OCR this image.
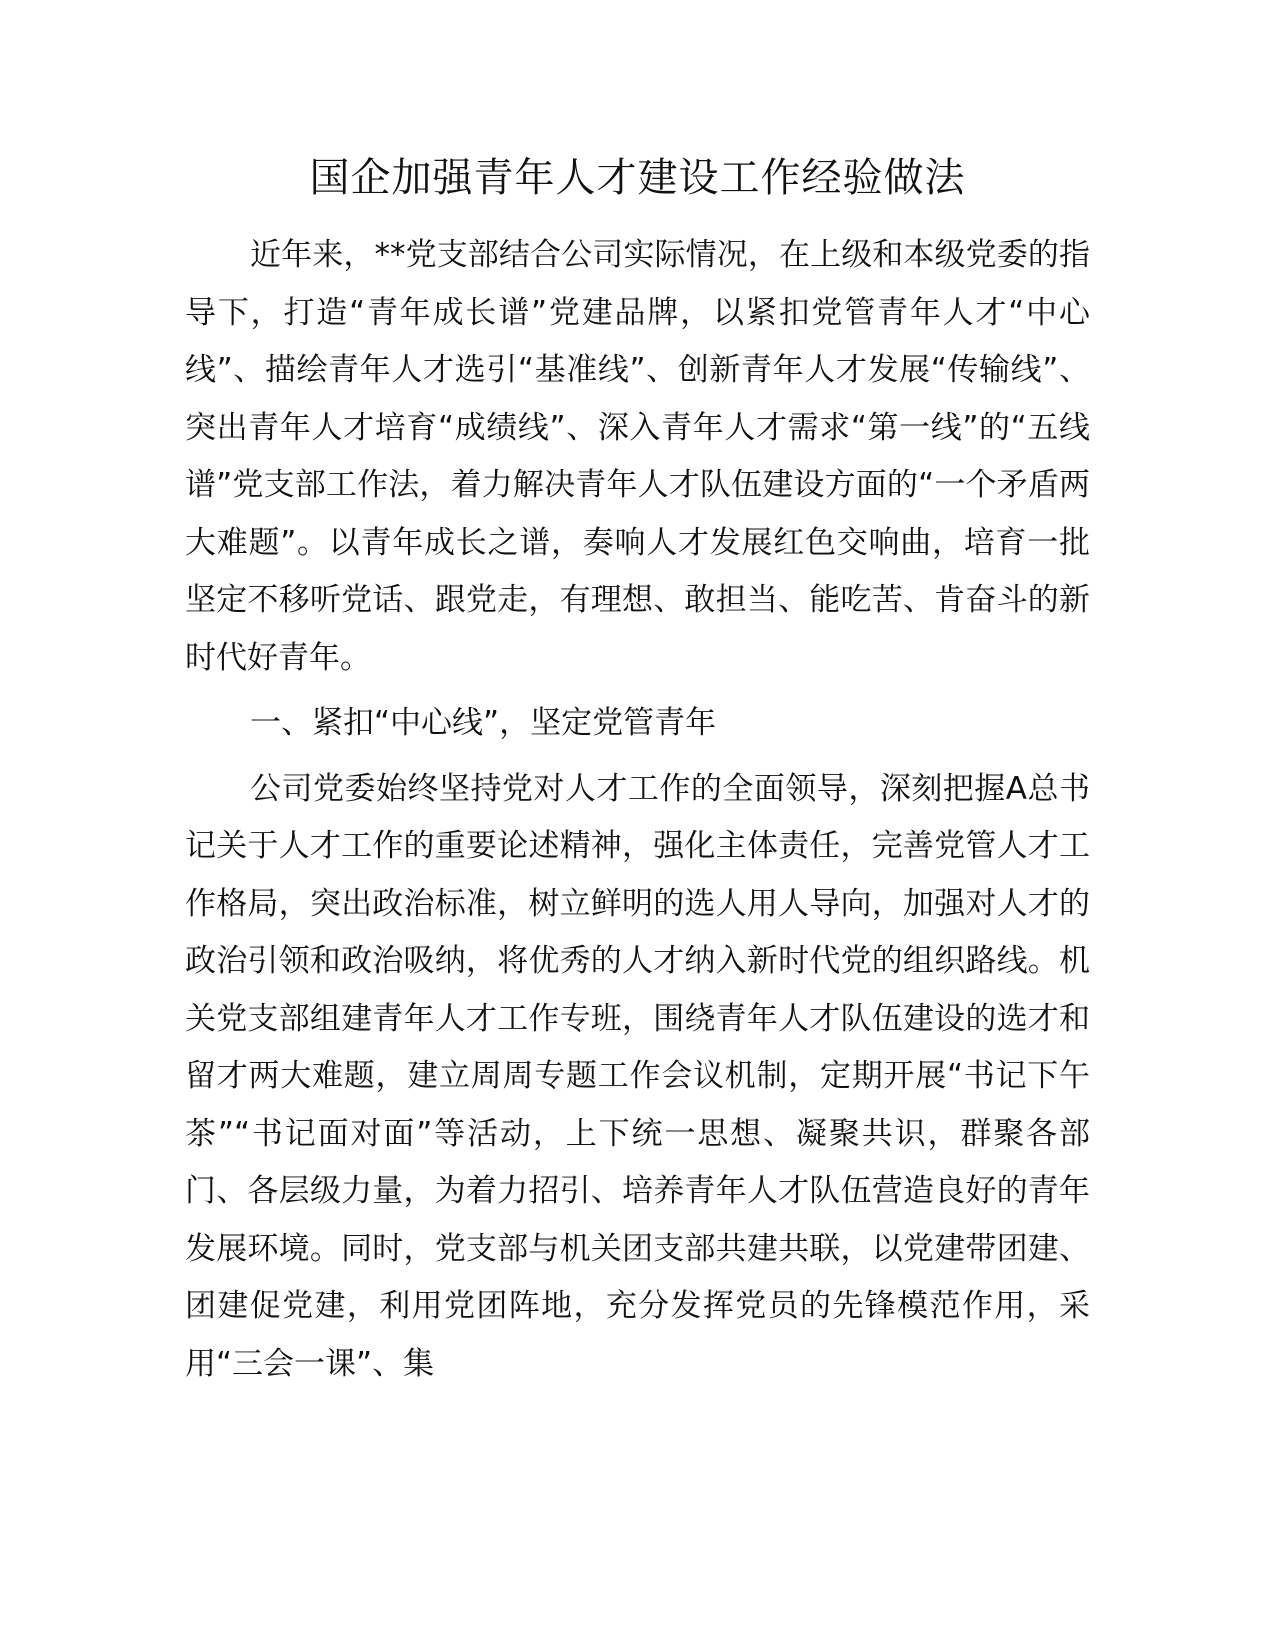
国企加强青年人才建设工作经验做法

近年来，**党支部结合公司实际情况，在上级和本级党委的指导下，打造“青年成长谱”党建品牌，以紧扣党管青年人才“中心线”、描绘青年人才选引“基准线”、创新青年人才发展“传输线”、突出青年人才培育“成绩线”、深入青年人才需求“第一线”的“五线谱”党支部工作法，着力解决青年人才队伍建设方面的“一个矛盾两大难题”。以青年成长之谱，奏响人才发展红色交响曲，培育一批坚定不移听党话、跟党走，有理想、敢担当、能吃苦、肯奋斗的新时代好青年。

一、紧扣“中心线”，坚定党管青年

公司党委始终坚持党对人才工作的全面领导，深刻把握A总书记关于人才工作的重要论述精神，强化主体责任，完善党管人才工作格局，突出政治标准，树立鲜明的选人用人导向，加强对人才的政治引领和政治吸纳，将优秀的人才纳入新时代党的组织路线。机关党支部组建青年人才工作专班，围绕青年人才队伍建设的选才和留才两大难题，建立周周专题工作会议机制，定期开展“书记下午茶”“书记面对面”等活动，上下统一思想、凝聚共识，群聚各部门、各层级力量，为着力招引、培养青年人才队伍营造良好的青年发展环境。同时，党支部与机关团支部共建共联，以党建带团建、团建促党建，利用党团阵地，充分发挥党员的先锋模范作用，采用“三会一课”、集
